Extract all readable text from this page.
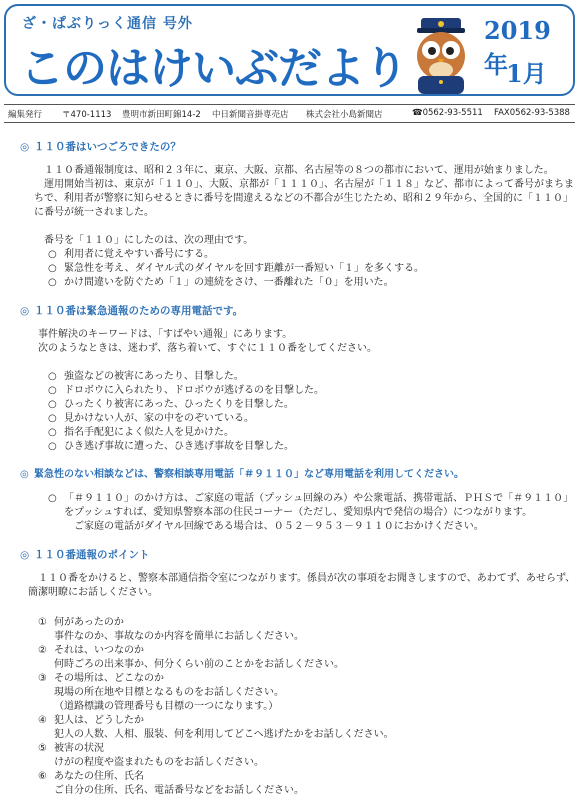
ざ・ぱぶりっく通信 号外
このはけいぶだより
2019年
1月
編集発行 〒470-1113 豊明市新田町錦14-2 中日新聞音掛専売店 株式会社小島新聞店	☎0562-93-5511 FAX0562-93-5388
◎ １１０番はいつごろできたの？
１１０番通報制度は、昭和２３年に、東京、大阪、京都、名古屋等の８つの都市において、運用が始まりました。
運用開始当初は、東京が「１１０」、大阪、京都が「１１１０」、名古屋が「１１８」など、都市によって番号がまちま
ちで、利用者が警察に知らせるときに番号を間違えるなどの不都合が生じたため、昭和２９年から、全国的に「１１０」
に番号が統一されました。
番号を「１１０」にしたのは、次の理由です。
○ 利用者に覚えやすい番号にする。
○ 緊急性を考え、ダイヤル式のダイヤルを回す距離が一番短い「１」を多くする。
○ かけ間違いを防ぐため「１」の連続をさけ、一番離れた「０」を用いた。
◎ １１０番は緊急通報のための専用電話です。
事件解決のキーワードは、「すばやい通報」にあります。
次のようなときは、迷わず、落ち着いて、すぐに１１０番をしてください。
○ 強盗などの被害にあったり、目撃した。
○ ドロボウに入られたり、ドロボウが逃げるのを目撃した。
○ ひったくり被害にあった、ひったくりを目撃した。
○ 見かけない人が、家の中をのぞいている。
○ 指名手配犯によく似た人を見かけた。
○ ひき逃げ事故に遭った、ひき逃げ事故を目撃した。
◎ 緊急性のない相談などは、警察相談専用電話「＃９１１０」など専用電話を利用してください。
○ 「＃９１１０」のかけ方は、ご家庭の電話（プッシュ回線のみ）や公衆電話、携帯電話、ＰＨＳで「＃９１１０」
をプッシュすれば、愛知県警察本部の住民コーナー（ただし、愛知県内で発信の場合）につながります。
ご家庭の電話がダイヤル回線である場合は、０５２－９５３－９１１０におかけください。
◎ １１０番通報のポイント
１１０番をかけると、警察本部通信指令室につながります。係員が次の事項をお聞きしますので、あわてず、あせらず、
簡潔明瞭にお話しください。
① 何があったのか
事件なのか、事故なのか内容を簡単にお話しください。
② それは、いつなのか
何時ごろの出来事か、何分くらい前のことかをお話しください。
③ その場所は、どこなのか
現場の所在地や目標となるものをお話しください。
（道路標識の管理番号も目標の一つになります。）
④ 犯人は、どうしたか
犯人の人数、人相、服装、何を利用してどこへ逃げたかをお話しください。
⑤ 被害の状況
けがの程度や盗まれたものをお話しください。
⑥ あなたの住所、氏名
ご自分の住所、氏名、電話番号などをお話しください。
